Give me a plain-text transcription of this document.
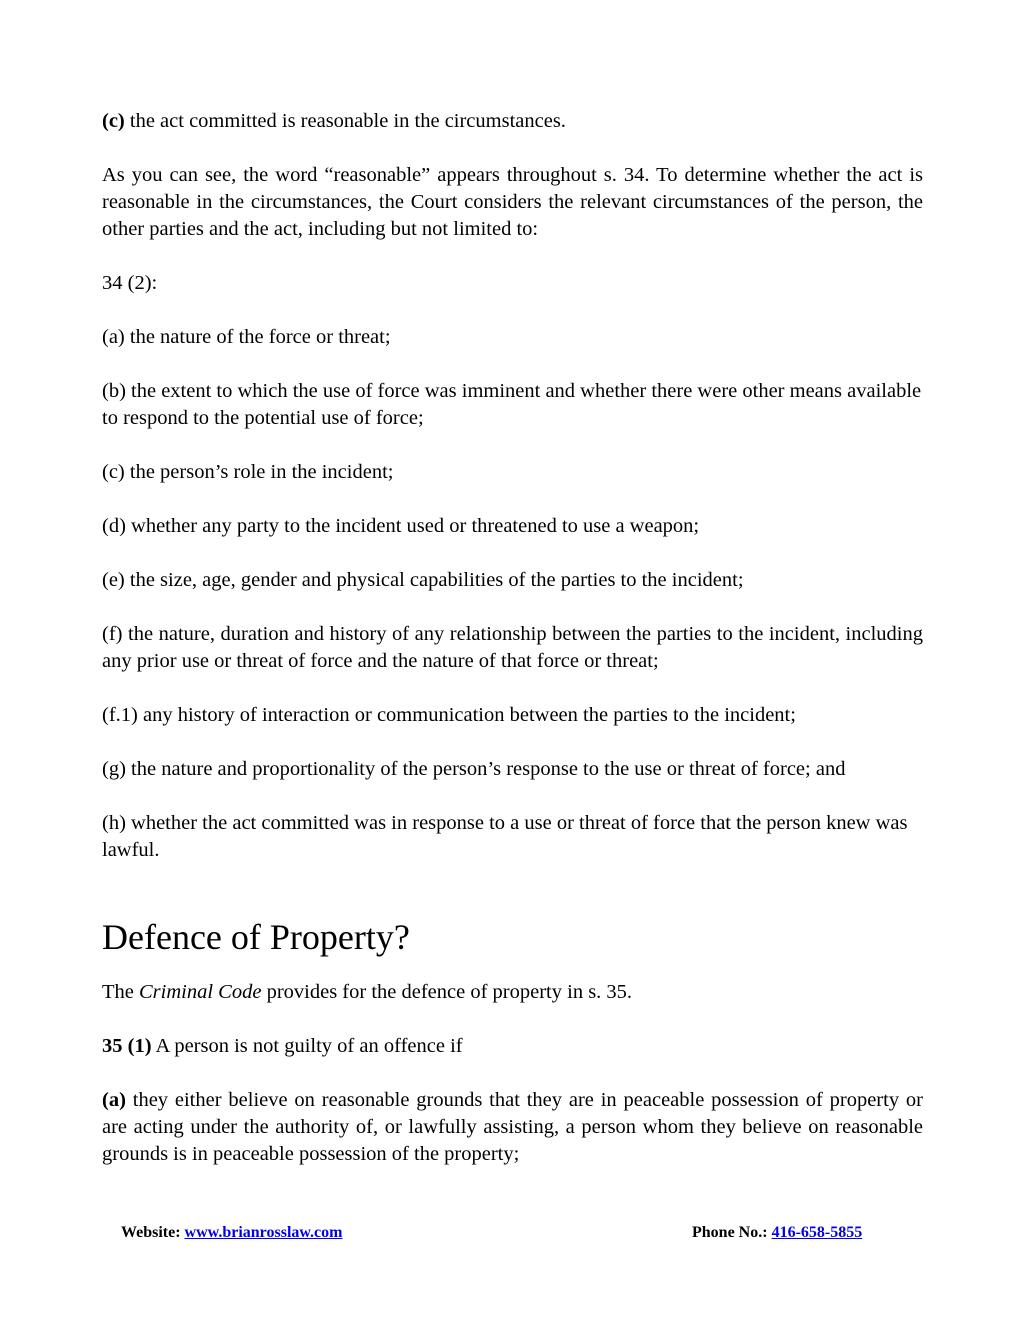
(c) the act committed is reasonable in the circumstances.

As you can see, the word “reasonable” appears throughout s. 34. To determine whether the act is reasonable in the circumstances, the Court considers the relevant circumstances of the person, the other parties and the act, including but not limited to:

34 (2):

(a) the nature of the force or threat;

(b) the extent to which the use of force was imminent and whether there were other means available to respond to the potential use of force;

(c) the person’s role in the incident;

(d) whether any party to the incident used or threatened to use a weapon;

(e) the size, age, gender and physical capabilities of the parties to the incident;

(f) the nature, duration and history of any relationship between the parties to the incident, including any prior use or threat of force and the nature of that force or threat;

(f.1) any history of interaction or communication between the parties to the incident;

(g) the nature and proportionality of the person’s response to the use or threat of force; and

(h) whether the act committed was in response to a use or threat of force that the person knew was lawful.

Defence of Property?

The Criminal Code provides for the defence of property in s. 35.

35 (1) A person is not guilty of an offence if

(a) they either believe on reasonable grounds that they are in peaceable possession of property or are acting under the authority of, or lawfully assisting, a person whom they believe on reasonable grounds is in peaceable possession of the property;

Website: www.brianrosslaw.com	Phone No.: 416-658-5855
